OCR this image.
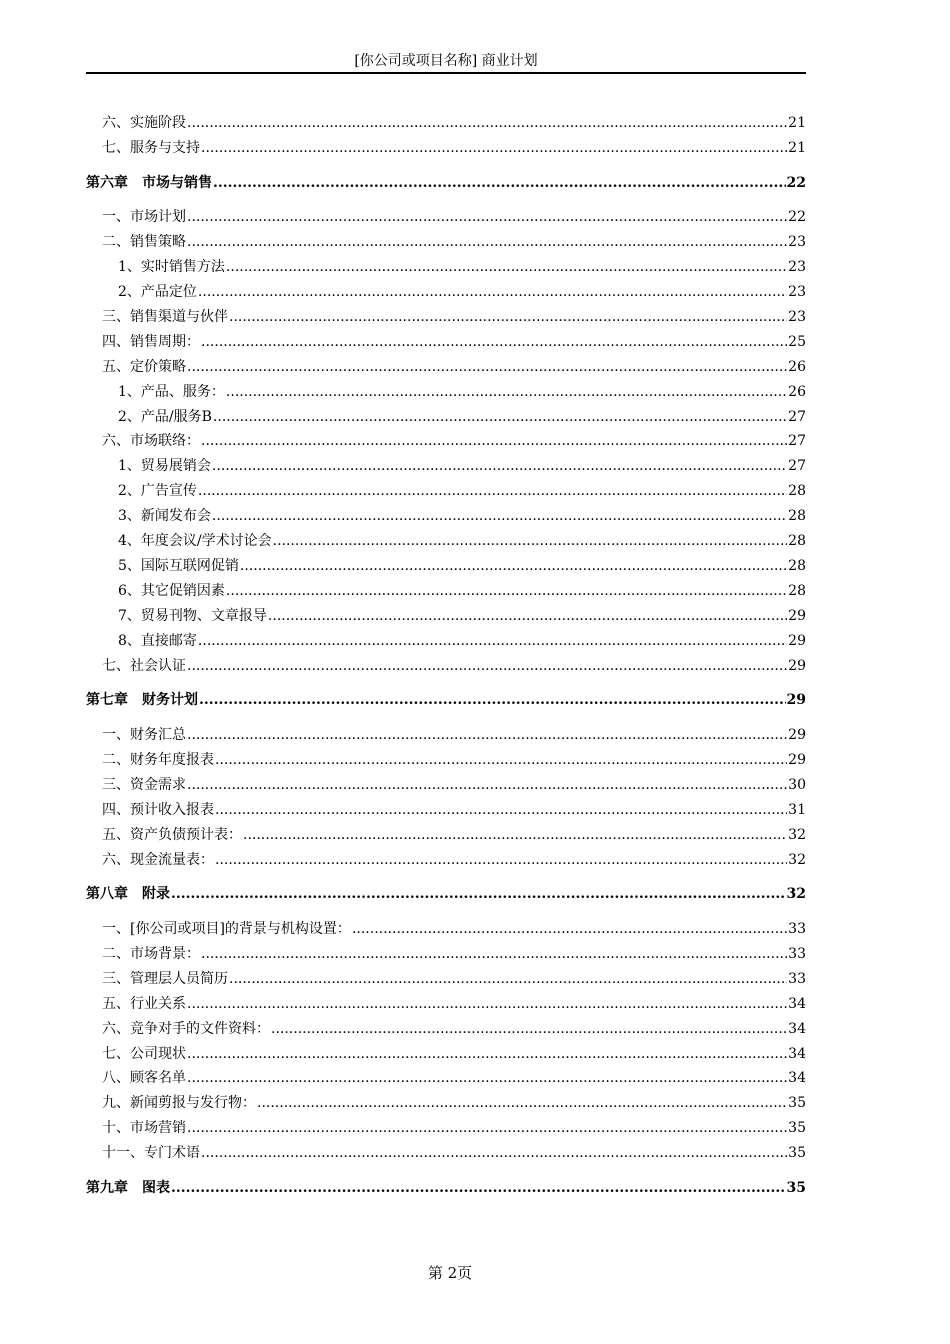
[你公司或项目名称] 商业计划
六、实施阶段 .....	21
七、服务与支持 .....	21
第六章　市场与销售 .....	22
一、市场计划 .....	22
二、销售策略 .....	23
1、实时销售方法 .....	23
2、产品定位 .....	23
三、销售渠道与伙伴 .....	23
四、销售周期： .....	25
五、定价策略 .....	26
1、产品、服务： .....	26
2、产品/服务B .....	27
六、市场联络： .....	27
1、贸易展销会 .....	27
2、广告宣传 .....	28
3、新闻发布会 .....	28
4、年度会议/学术讨论会 .....	28
5、国际互联网促销 .....	28
6、其它促销因素 .....	28
7、贸易刊物、文章报导 .....	29
8、直接邮寄 .....	29
七、社会认证 .....	29
第七章　财务计划 .....	29
一、财务汇总 .....	29
二、财务年度报表 .....	29
三、资金需求 .....	30
四、预计收入报表 .....	31
五、资产负债预计表： .....	32
六、现金流量表： .....	32
第八章　附录 .....	32
一、[你公司或项目]的背景与机构设置： .....	33
二、市场背景： .....	33
三、管理层人员简历 .....	33
五、行业关系 .....	34
六、竞争对手的文件资料： .....	34
七、公司现状 .....	34
八、顾客名单 .....	34
九、新闻剪报与发行物： .....	35
十、市场营销 .....	35
十一、专门术语 .....	35
第九章　图表 .....	35
第 2页
